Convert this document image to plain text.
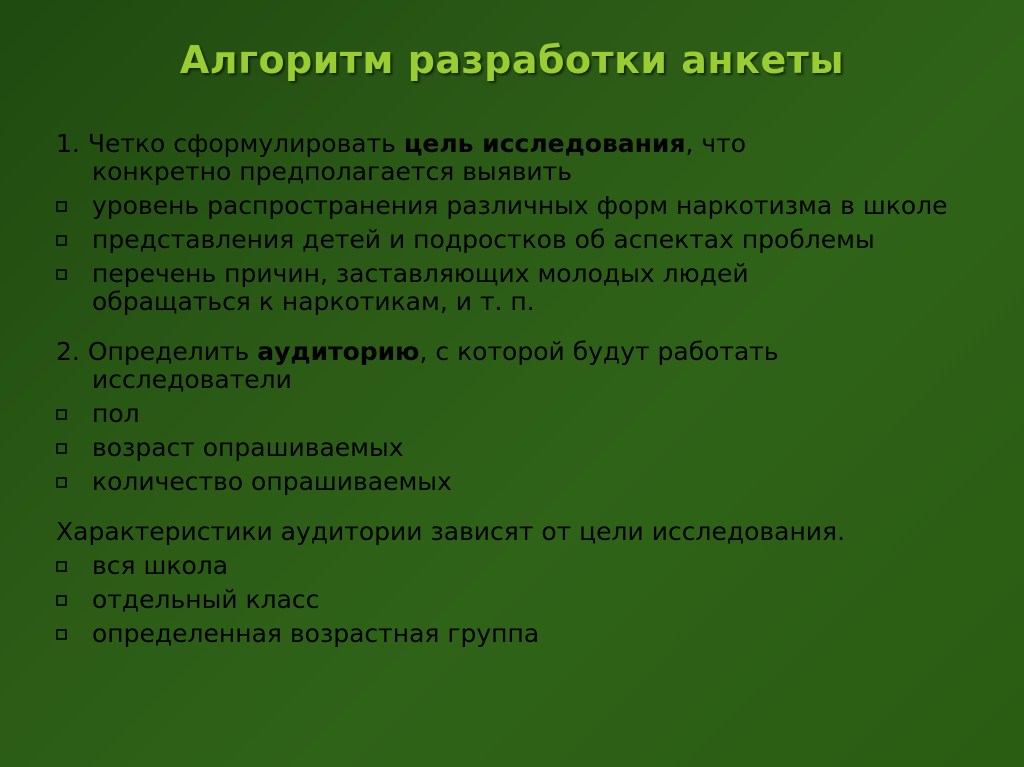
Алгоритм разработки анкеты
1. Четко сформулировать цель исследования, что конкретно предполагается выявить
уровень распространения различных форм наркотизма в школе
представления детей и подростков об аспектах проблемы
перечень причин, заставляющих молодых людей обращаться к наркотикам, и т. п.
2. Определить аудиторию, с которой будут работать исследователи
пол
возраст опрашиваемых
количество опрашиваемых
Характеристики аудитории зависят от цели исследования.
вся школа
отдельный класс
определенная возрастная группа
